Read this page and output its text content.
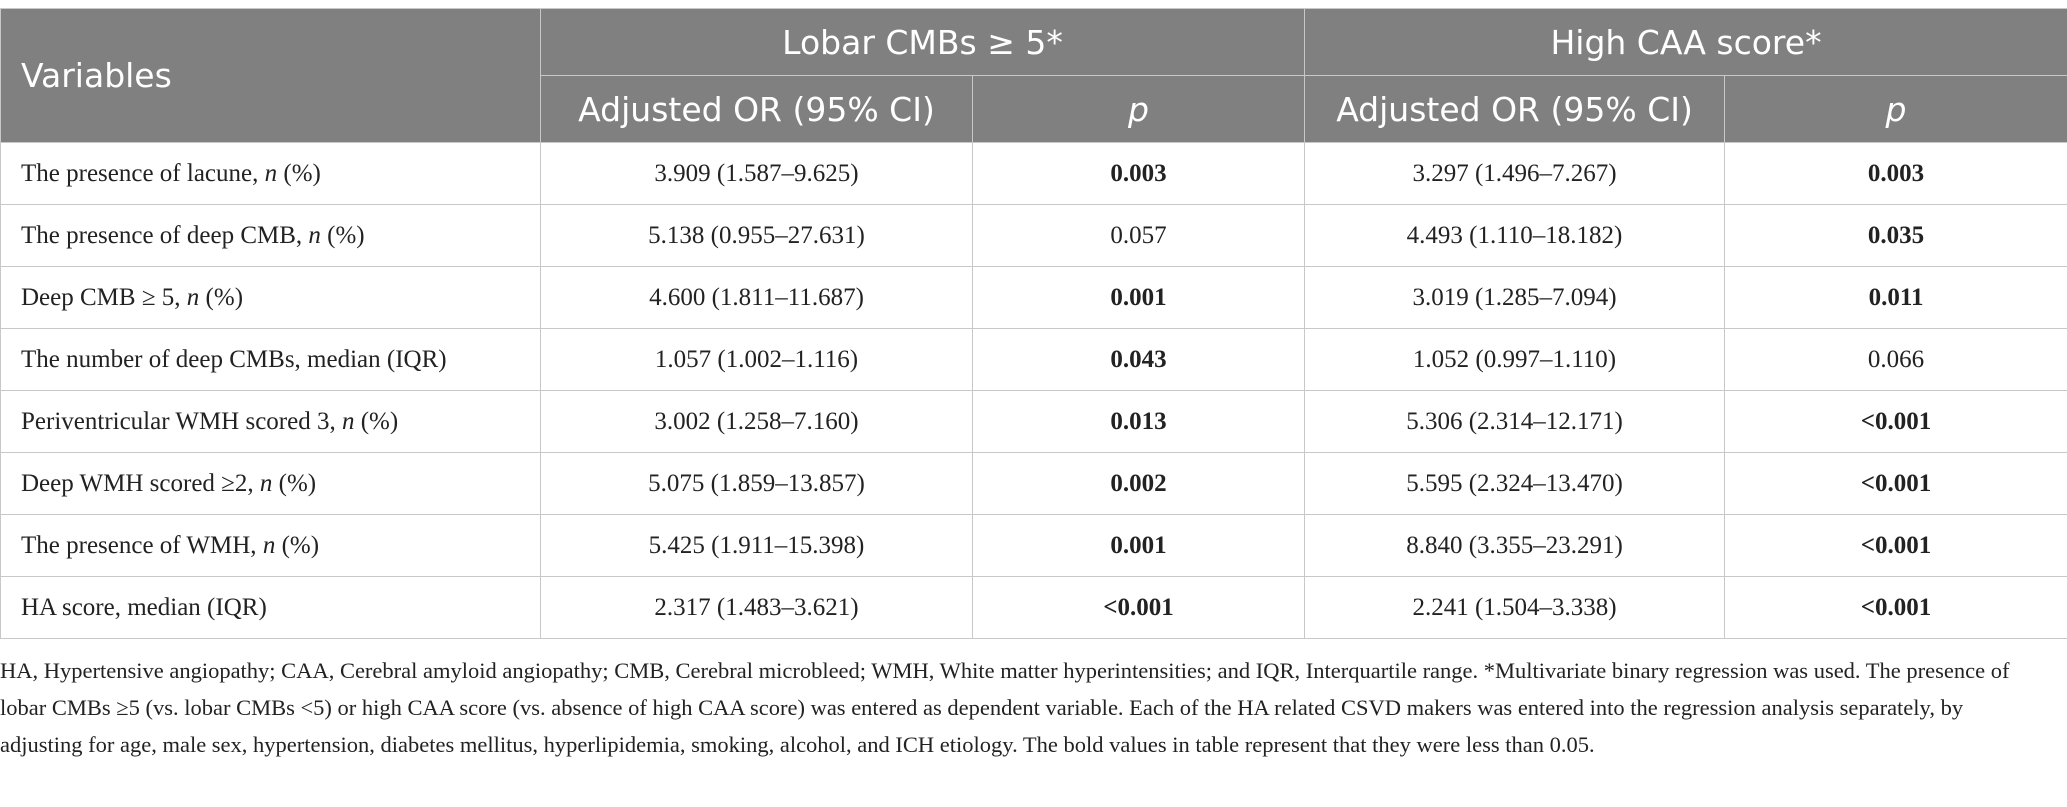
Variables	Lobar CMBs ≥ 5*		High CAA score*	
	Adjusted OR (95% CI)	p	Adjusted OR (95% CI)	p
The presence of lacune, n (%)	3.909 (1.587–9.625)	0.003	3.297 (1.496–7.267)	0.003
The presence of deep CMB, n (%)	5.138 (0.955–27.631)	0.057	4.493 (1.110–18.182)	0.035
Deep CMB ≥ 5, n (%)	4.600 (1.811–11.687)	0.001	3.019 (1.285–7.094)	0.011
The number of deep CMBs, median (IQR)	1.057 (1.002–1.116)	0.043	1.052 (0.997–1.110)	0.066
Periventricular WMH scored 3, n (%)	3.002 (1.258–7.160)	0.013	5.306 (2.314–12.171)	<0.001
Deep WMH scored ≥2, n (%)	5.075 (1.859–13.857)	0.002	5.595 (2.324–13.470)	<0.001
The presence of WMH, n (%)	5.425 (1.911–15.398)	0.001	8.840 (3.355–23.291)	<0.001
HA score, median (IQR)	2.317 (1.483–3.621)	<0.001	2.241 (1.504–3.338)	<0.001
HA, Hypertensive angiopathy; CAA, Cerebral amyloid angiopathy; CMB, Cerebral microbleed; WMH, White matter hyperintensities; and IQR, Interquartile range. *Multivariate binary regression was used. The presence of lobar CMBs ≥5 (vs. lobar CMBs <5) or high CAA score (vs. absence of high CAA score) was entered as dependent variable. Each of the HA related CSVD makers was entered into the regression analysis separately, by adjusting for age, male sex, hypertension, diabetes mellitus, hyperlipidemia, smoking, alcohol, and ICH etiology. The bold values in table represent that they were less than 0.05.
